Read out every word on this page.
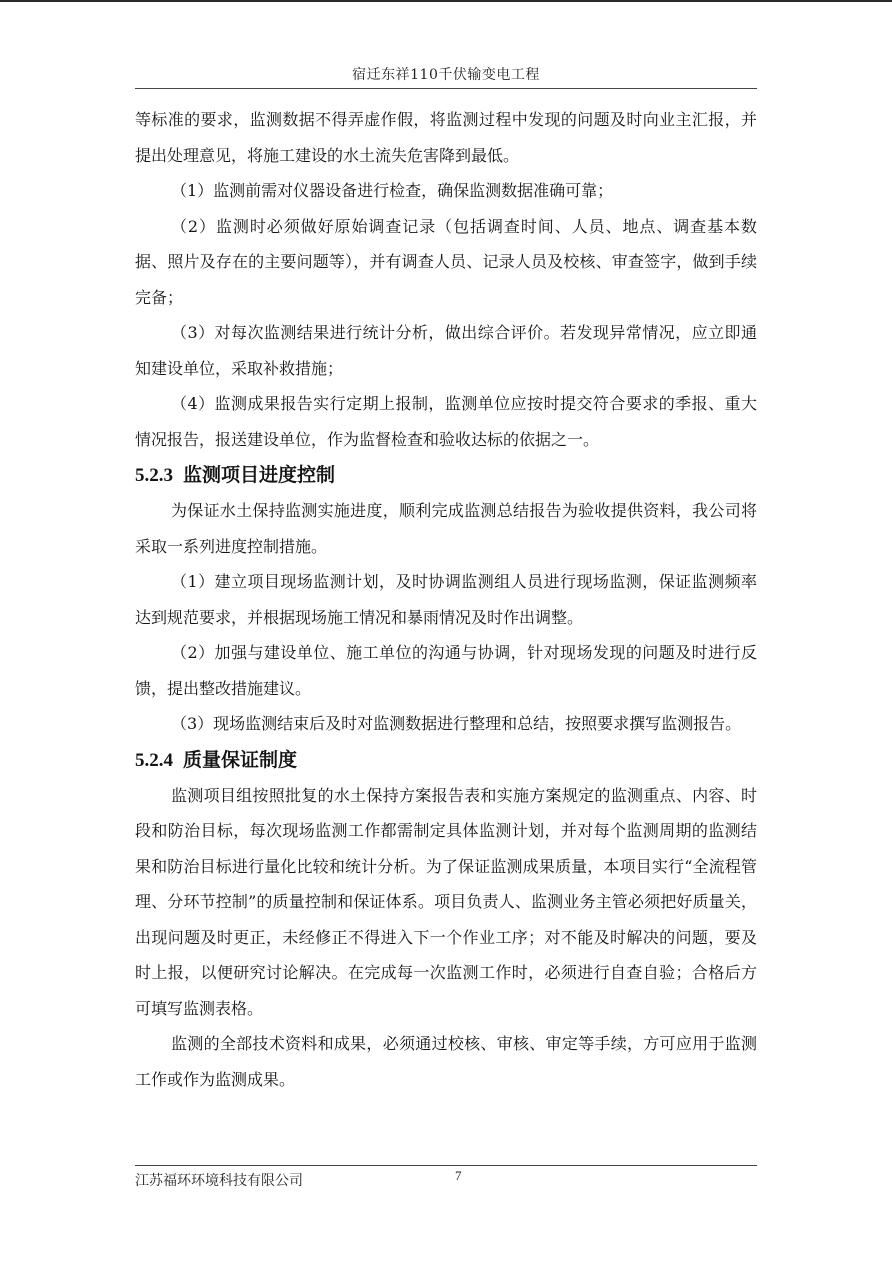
宿迁东祥110千伏输变电工程

等标准的要求，监测数据不得弄虚作假，将监测过程中发现的问题及时向业主汇报，并提出处理意见，将施工建设的水土流失危害降到最低。

（1）监测前需对仪器设备进行检查，确保监测数据准确可靠；

（2）监测时必须做好原始调查记录（包括调查时间、人员、地点、调查基本数据、照片及存在的主要问题等），并有调查人员、记录人员及校核、审查签字，做到手续完备；

（3）对每次监测结果进行统计分析，做出综合评价。若发现异常情况，应立即通知建设单位，采取补救措施；

（4）监测成果报告实行定期上报制，监测单位应按时提交符合要求的季报、重大情况报告，报送建设单位，作为监督检查和验收达标的依据之一。

5.2.3 监测项目进度控制

为保证水土保持监测实施进度，顺利完成监测总结报告为验收提供资料，我公司将采取一系列进度控制措施。

（1）建立项目现场监测计划，及时协调监测组人员进行现场监测，保证监测频率达到规范要求，并根据现场施工情况和暴雨情况及时作出调整。

（2）加强与建设单位、施工单位的沟通与协调，针对现场发现的问题及时进行反馈，提出整改措施建议。

（3）现场监测结束后及时对监测数据进行整理和总结，按照要求撰写监测报告。

5.2.4 质量保证制度

监测项目组按照批复的水土保持方案报告表和实施方案规定的监测重点、内容、时段和防治目标，每次现场监测工作都需制定具体监测计划，并对每个监测周期的监测结果和防治目标进行量化比较和统计分析。为了保证监测成果质量，本项目实行“全流程管理、分环节控制”的质量控制和保证体系。项目负责人、监测业务主管必须把好质量关，出现问题及时更正，未经修正不得进入下一个作业工序；对不能及时解决的问题，要及时上报，以便研究讨论解决。在完成每一次监测工作时，必须进行自查自验；合格后方可填写监测表格。

监测的全部技术资料和成果，必须通过校核、审核、审定等手续，方可应用于监测工作或作为监测成果。

江苏福环环境科技有限公司	7
